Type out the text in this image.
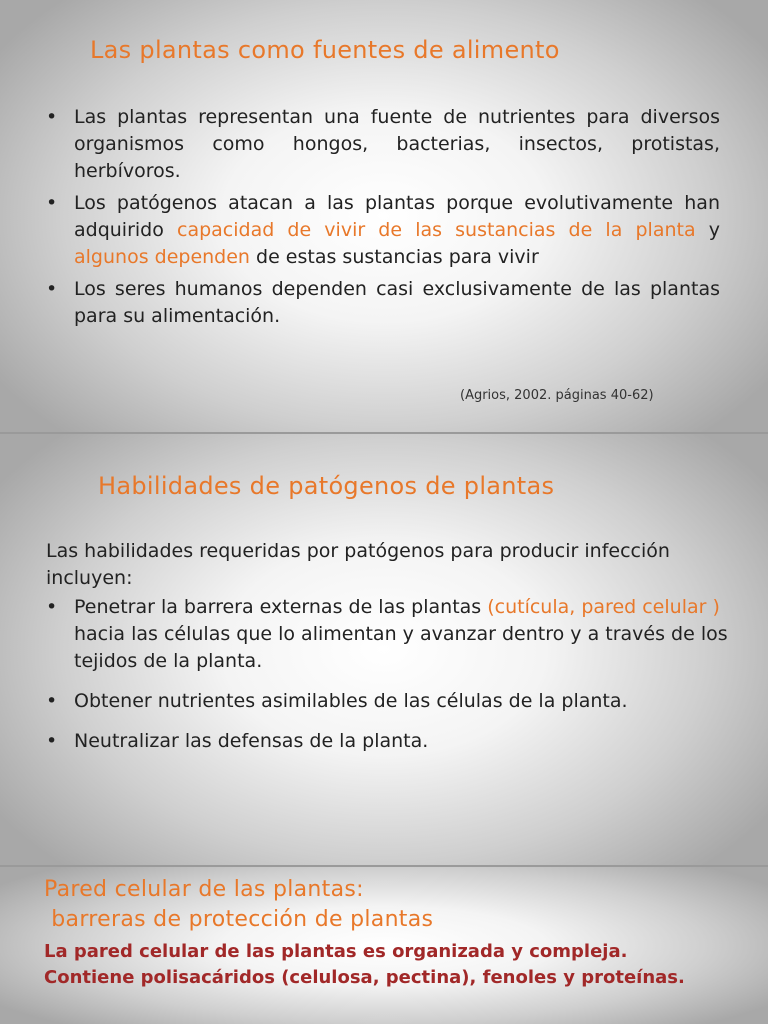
Las plantas como fuentes de alimento
• Las plantas representan una fuente de nutrientes para diversos organismos como hongos, bacterias, insectos, protistas, herbívoros.
• Los patógenos atacan a las plantas porque evolutivamente han adquirido capacidad de vivir de las sustancias de la planta y algunos dependen de estas sustancias para vivir
• Los seres humanos dependen casi exclusivamente de las plantas para su alimentación.
(Agrios, 2002. páginas 40-62)
Habilidades de patógenos de plantas
Las habilidades requeridas por patógenos para producir infección incluyen:
• Penetrar la barrera externas de las plantas (cutícula, pared celular ) hacia las células que lo alimentan y avanzar dentro y a través de los tejidos de la planta.
• Obtener nutrientes asimilables de las células de la planta.
• Neutralizar las defensas de la planta.
Pared celular de las plantas:
barreras de protección de plantas
La pared celular de las plantas es organizada y compleja. Contiene polisacáridos (celulosa, pectina), fenoles y proteínas.
